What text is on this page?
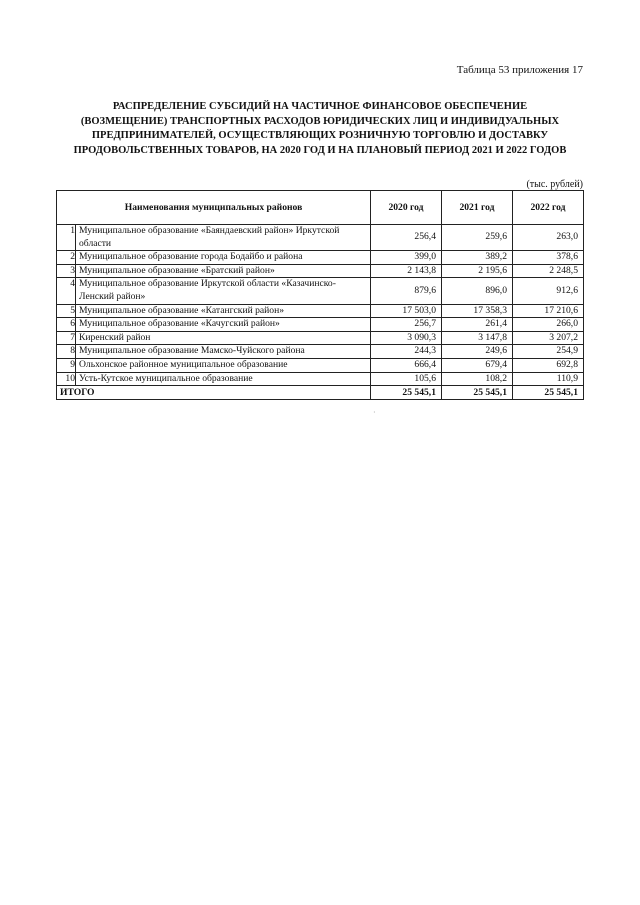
Таблица 53 приложения 17
РАСПРЕДЕЛЕНИЕ СУБСИДИЙ НА ЧАСТИЧНОЕ ФИНАНСОВОЕ ОБЕСПЕЧЕНИЕ
(ВОЗМЕЩЕНИЕ) ТРАНСПОРТНЫХ РАСХОДОВ ЮРИДИЧЕСКИХ ЛИЦ И ИНДИВИДУАЛЬНЫХ
ПРЕДПРИНИМАТЕЛЕЙ, ОСУЩЕСТВЛЯЮЩИХ РОЗНИЧНУЮ ТОРГОВЛЮ И ДОСТАВКУ
ПРОДОВОЛЬСТВЕННЫХ ТОВАРОВ, НА 2020 ГОД И НА ПЛАНОВЫЙ ПЕРИОД 2021 И 2022 ГОДОВ
(тыс. рублей)
Наименования муниципальных районов		2020 год	2021 год	2022 год
1	Муниципальное образование «Баяндаевский район» Иркутской области	256,4	259,6	263,0
2	Муниципальное образование города Бодайбо и района	399,0	389,2	378,6
3	Муниципальное образование «Братский район»	2 143,8	2 195,6	2 248,5
4	Муниципальное образование Иркутской области «Казачинско-Ленский район»	879,6	896,0	912,6
5	Муниципальное образование «Катангский район»	17 503,0	17 358,3	17 210,6
6	Муниципальное образование «Качугский район»	256,7	261,4	266,0
7	Киренский район	3 090,3	3 147,8	3 207,2
8	Муниципальное образование Мамско-Чуйского района	244,3	249,6	254,9
9	Ольхонское районное муниципальное образование	666,4	679,4	692,8
10	Усть-Кутское муниципальное образование	105,6	108,2	110,9
ИТОГО		25 545,1	25 545,1	25 545,1
·
